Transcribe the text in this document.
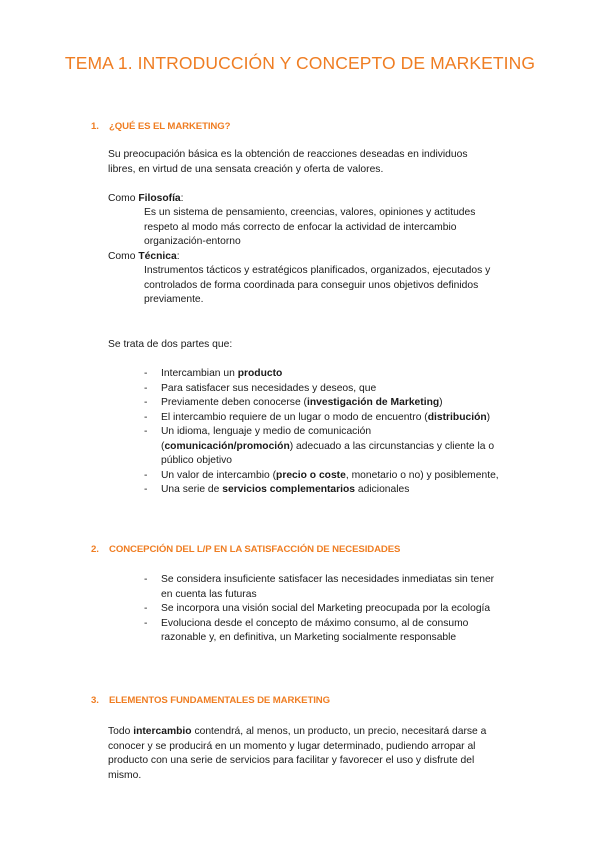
TEMA 1. INTRODUCCIÓN Y CONCEPTO DE MARKETING
1. ¿QUÉ ES EL MARKETING?
Su preocupación básica es la obtención de reacciones deseadas en individuos
libres, en virtud de una sensata creación y oferta de valores.
Como Filosofía:
Es un sistema de pensamiento, creencias, valores, opiniones y actitudes
respeto al modo más correcto de enfocar la actividad de intercambio
organización-entorno
Como Técnica:
Instrumentos tácticos y estratégicos planificados, organizados, ejecutados y
controlados de forma coordinada para conseguir unos objetivos definidos
previamente.
Se trata de dos partes que:
- Intercambian un producto
- Para satisfacer sus necesidades y deseos, que
- Previamente deben conocerse (investigación de Marketing)
- El intercambio requiere de un lugar o modo de encuentro (distribución)
- Un idioma, lenguaje y medio de comunicación
(comunicación/promoción) adecuado a las circunstancias y cliente la o
público objetivo
- Un valor de intercambio (precio o coste, monetario o no) y posiblemente,
- Una serie de servicios complementarios adicionales
2. CONCEPCIÓN DEL L/P EN LA SATISFACCIÓN DE NECESIDADES
- Se considera insuficiente satisfacer las necesidades inmediatas sin tener
en cuenta las futuras
- Se incorpora una visión social del Marketing preocupada por la ecología
- Evoluciona desde el concepto de máximo consumo, al de consumo
razonable y, en definitiva, un Marketing socialmente responsable
3. ELEMENTOS FUNDAMENTALES DE MARKETING
Todo intercambio contendrá, al menos, un producto, un precio, necesitará darse a
conocer y se producirá en un momento y lugar determinado, pudiendo arropar al
producto con una serie de servicios para facilitar y favorecer el uso y disfrute del
mismo.
